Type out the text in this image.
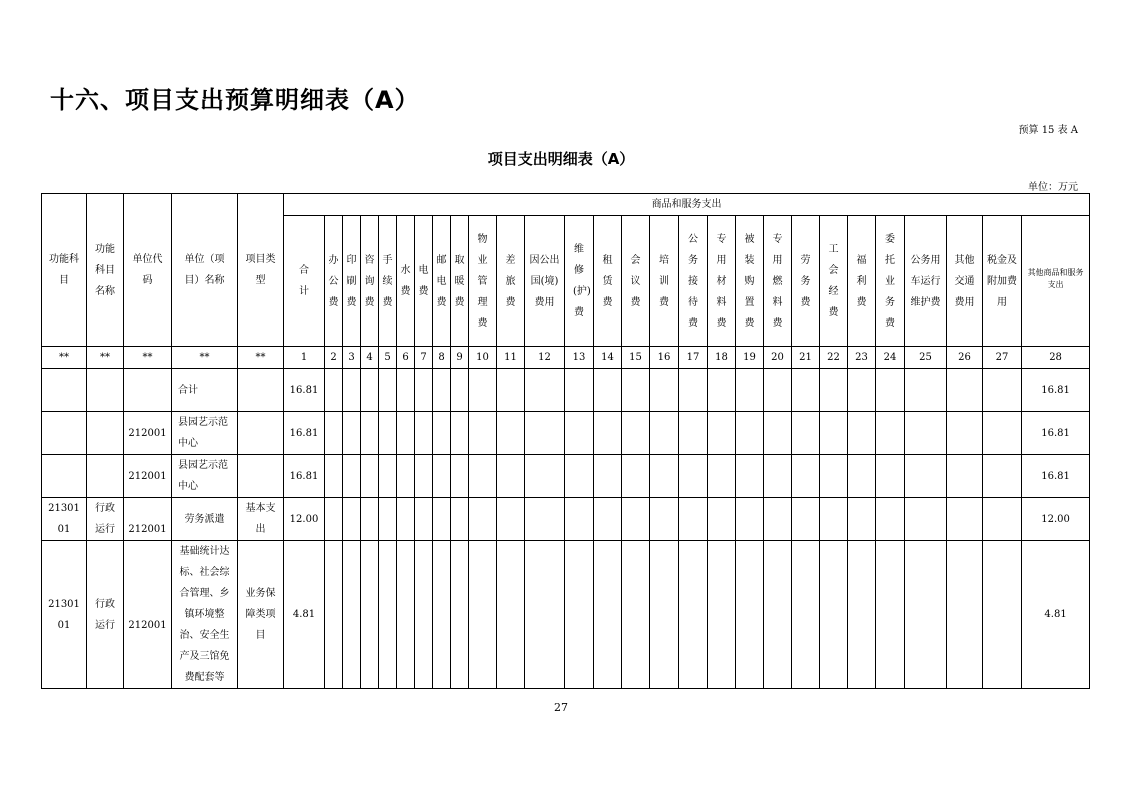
十六、项目支出预算明细表（A）
预算 15 表 A
项目支出明细表（A）
单位：万元
功能科目	功能科目名称	单位代码	单位（项目）名称	项目类型	商品和服务支出																											
					合计	办公费	印刷费	咨询费	手续费	水费	电费	邮电费	取暖费	物业管理费	差旅费	因公出国(境)费用	维修(护)费	租赁费	会议费	培训费	公务接待费	专用材料费	被装购置费	专用燃料费	劳务费	工会经费	福利费	委托业务费	公务用车运行维护费	其他交通费用	税金及附加费用	其他商品和服务支出
**	**	**	**	**	1	2	3	4	5	6	7	8	9	10	11	12	13	14	15	16	17	18	19	20	21	22	23	24	25	26	27	28
			合计		16.81																											16.81
		212001	县园艺示范中心		16.81																											16.81
		212001	县园艺示范中心		16.81																											16.81
2130101	行政运行	212001	劳务派遣	基本支出	12.00																											12.00
2130101	行政运行	212001	基础统计达标、社会综合管理、乡镇环境整治、安全生产及三馆免费配套等	业务保障类项目	4.81																											4.81
27
